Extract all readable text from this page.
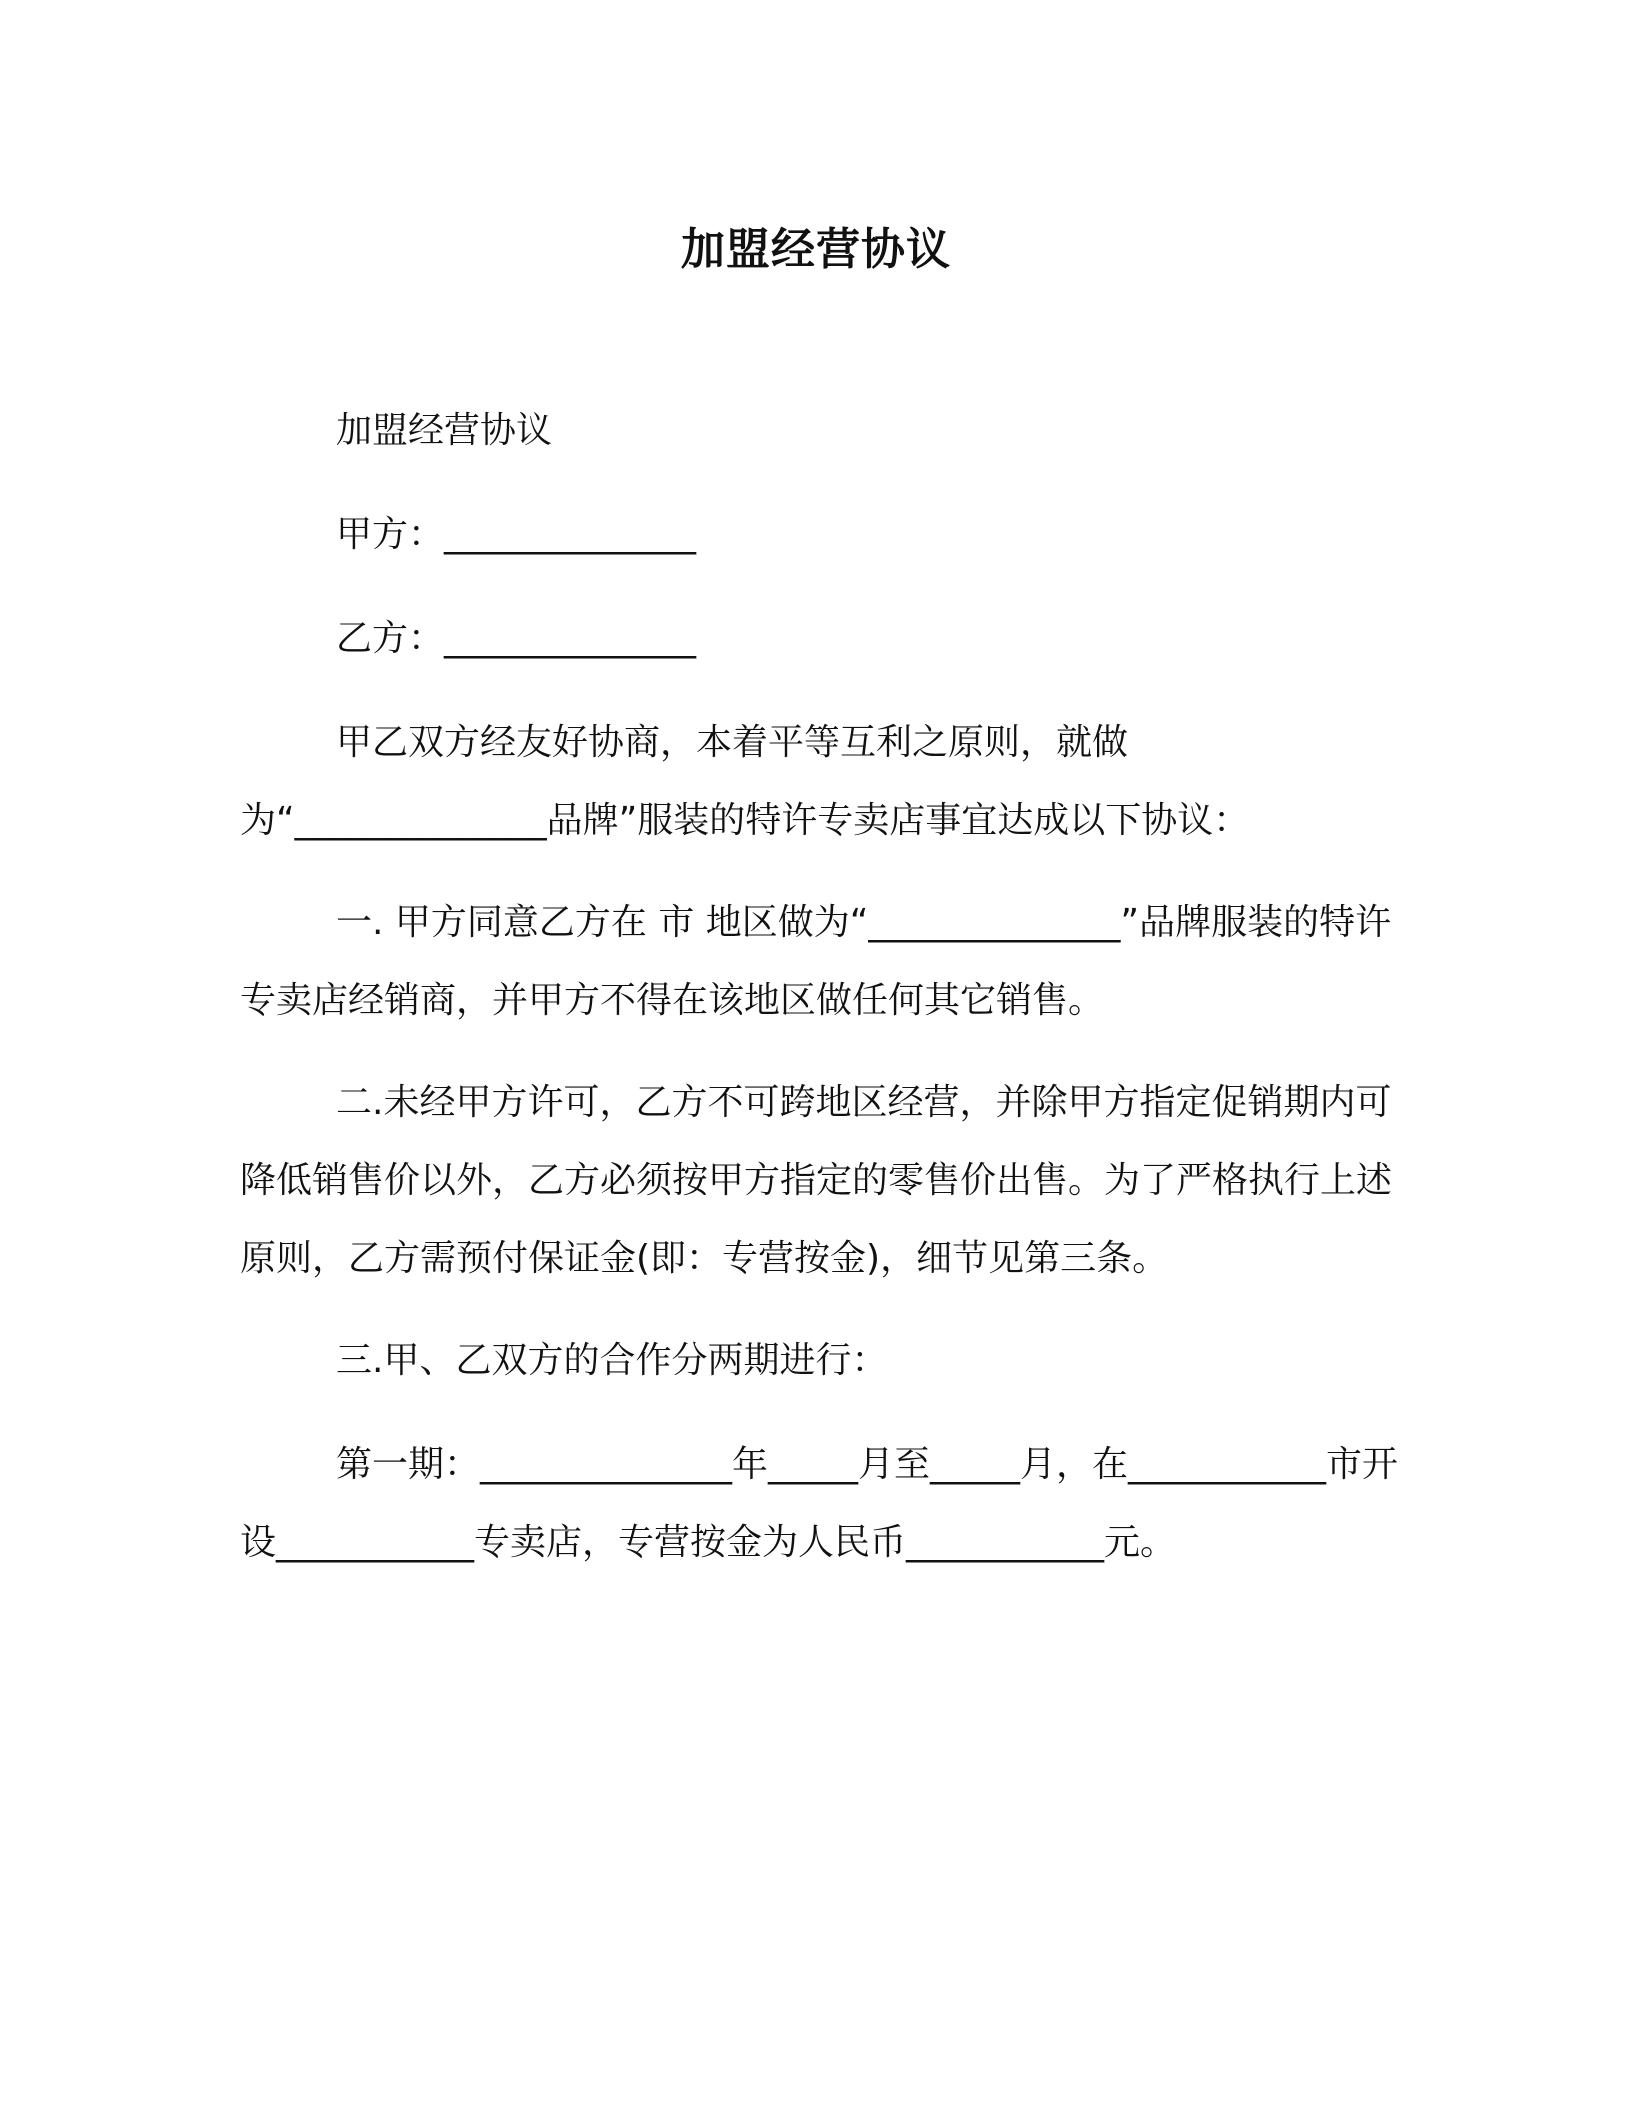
加盟经营协议

加盟经营协议

甲方：______________

乙方：______________

甲乙双方经友好协商，本着平等互利之原则，就做为“______________品牌”服装的特许专卖店事宜达成以下协议：

一. 甲方同意乙方在 市 地区做为“______________”品牌服装的特许专卖店经销商，并甲方不得在该地区做任何其它销售。

二.未经甲方许可，乙方不可跨地区经营，并除甲方指定促销期内可降低销售价以外，乙方必须按甲方指定的零售价出售。为了严格执行上述原则，乙方需预付保证金(即：专营按金)，细节见第三条。

三.甲、乙双方的合作分两期进行：

第一期：______________年_____月至_____月，在___________市开设___________专卖店，专营按金为人民币___________元。
